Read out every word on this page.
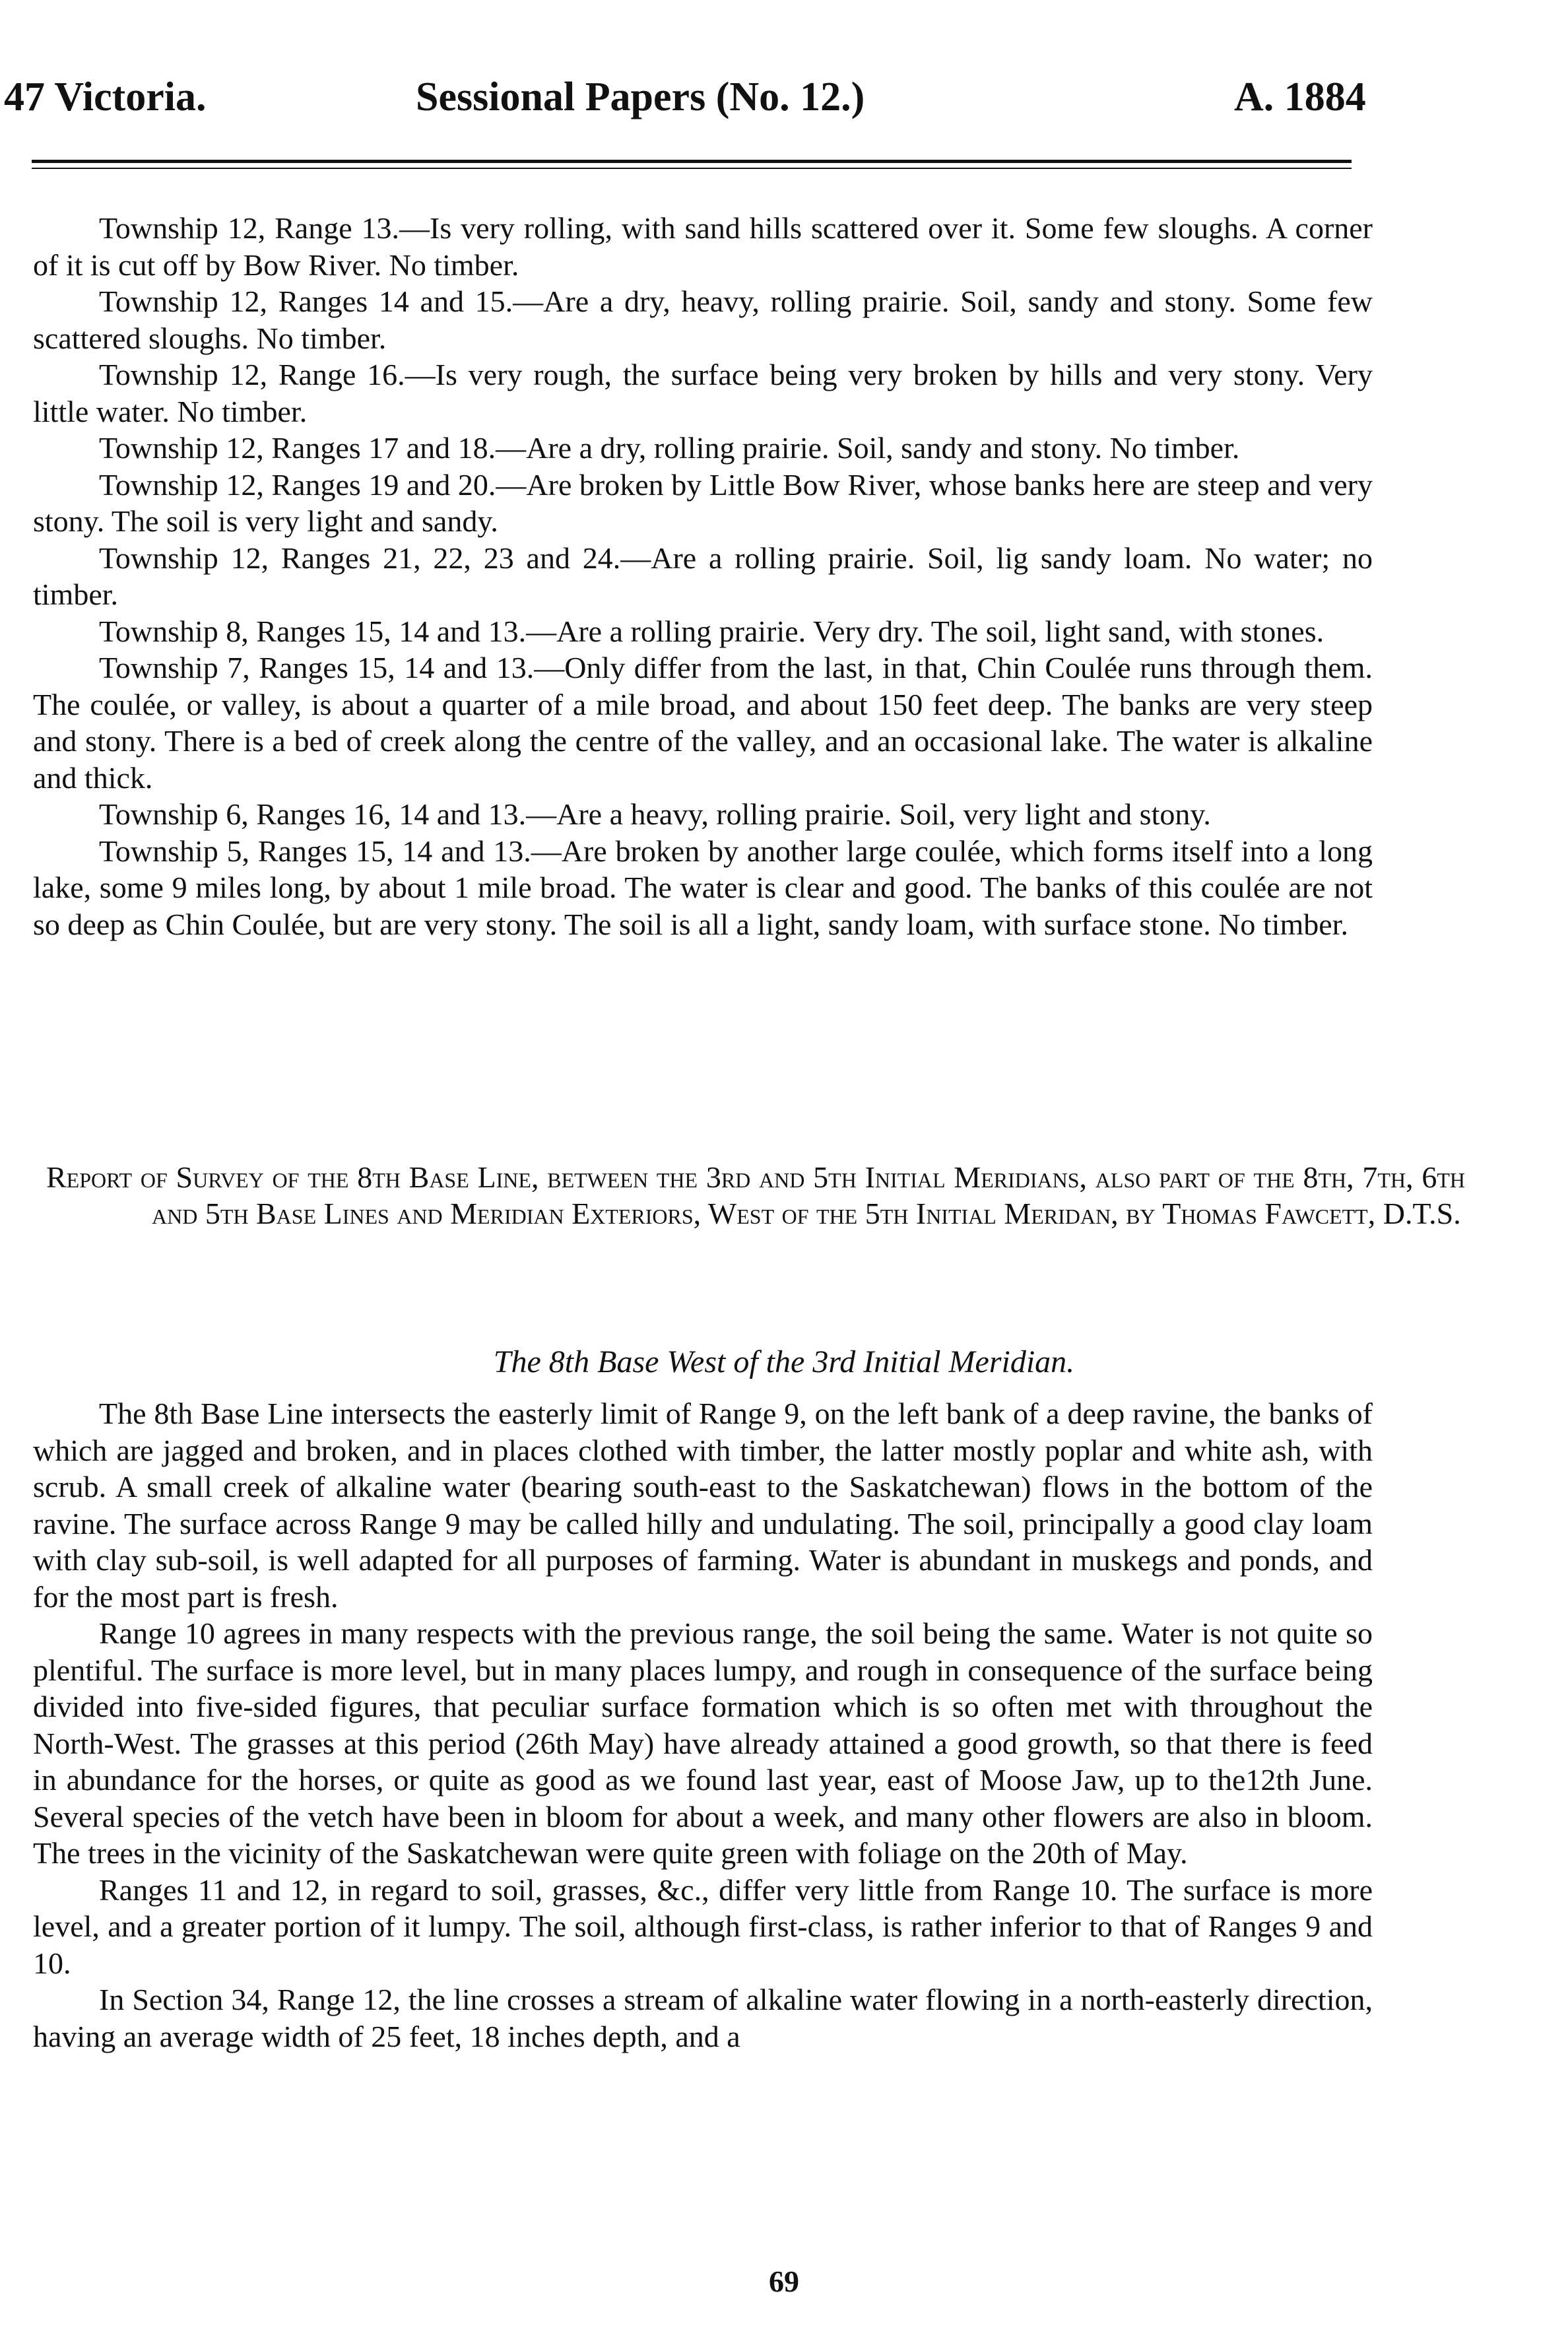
47 Victoria.	Sessional Papers (No. 12.)	A. 1884

Township 12, Range 13.—Is very rolling, with sand hills scattered over it. Some few sloughs. A corner of it is cut off by Bow River. No timber.

Township 12, Ranges 14 and 15.—Are a dry, heavy, rolling prairie. Soil, sandy and stony. Some few scattered sloughs. No timber.

Township 12, Range 16.—Is very rough, the surface being very broken by hills and very stony. Very little water. No timber.

Township 12, Ranges 17 and 18.—Are a dry, rolling prairie. Soil, sandy and stony. No timber.

Township 12, Ranges 19 and 20.—Are broken by Little Bow River, whose banks here are steep and very stony. The soil is very light and sandy.

Township 12, Ranges 21, 22, 23 and 24.—Are a rolling prairie. Soil, lig sandy loam. No water; no timber.

Township 8, Ranges 15, 14 and 13.—Are a rolling prairie. Very dry. The soil, light sand, with stones.

Township 7, Ranges 15, 14 and 13.—Only differ from the last, in that, Chin Coulée runs through them. The coulée, or valley, is about a quarter of a mile broad, and about 150 feet deep. The banks are very steep and stony. There is a bed of creek along the centre of the valley, and an occasional lake. The water is alkaline and thick.

Township 6, Ranges 16, 14 and 13.—Are a heavy, rolling prairie. Soil, very light and stony.

Township 5, Ranges 15, 14 and 13.—Are broken by another large coulée, which forms itself into a long lake, some 9 miles long, by about 1 mile broad. The water is clear and good. The banks of this coulée are not so deep as Chin Coulée, but are very stony. The soil is all a light, sandy loam, with surface stone. No timber.

Report of Survey of the 8th Base Line, between the 3rd and 5th Initial Meridians, also part of the 8th, 7th, 6th and 5th Base Lines and Meridian Exteriors, West of the 5th Initial Meridan, by Thomas Fawcett, D.T.S.
The 8th Base West of the 3rd Initial Meridian.

The 8th Base Line intersects the easterly limit of Range 9, on the left bank of a deep ravine, the banks of which are jagged and broken, and in places clothed with timber, the latter mostly poplar and white ash, with scrub. A small creek of alkaline water (bearing south-east to the Saskatchewan) flows in the bottom of the ravine. The surface across Range 9 may be called hilly and undulating. The soil, principally a good clay loam with clay sub-soil, is well adapted for all purposes of farming. Water is abundant in muskegs and ponds, and for the most part is fresh.

Range 10 agrees in many respects with the previous range, the soil being the same. Water is not quite so plentiful. The surface is more level, but in many places lumpy, and rough in consequence of the surface being divided into five-sided figures, that peculiar surface formation which is so often met with throughout the North-West. The grasses at this period (26th May) have already attained a good growth, so that there is feed in abundance for the horses, or quite as good as we found last year, east of Moose Jaw, up to the12th June. Several species of the vetch have been in bloom for about a week, and many other flowers are also in bloom. The trees in the vicinity of the Saskatchewan were quite green with foliage on the 20th of May.

Ranges 11 and 12, in regard to soil, grasses, &c., differ very little from Range 10. The surface is more level, and a greater portion of it lumpy. The soil, although first-class, is rather inferior to that of Ranges 9 and 10.

In Section 34, Range 12, the line crosses a stream of alkaline water flowing in a north-easterly direction, having an average width of 25 feet, 18 inches depth, and a

69
